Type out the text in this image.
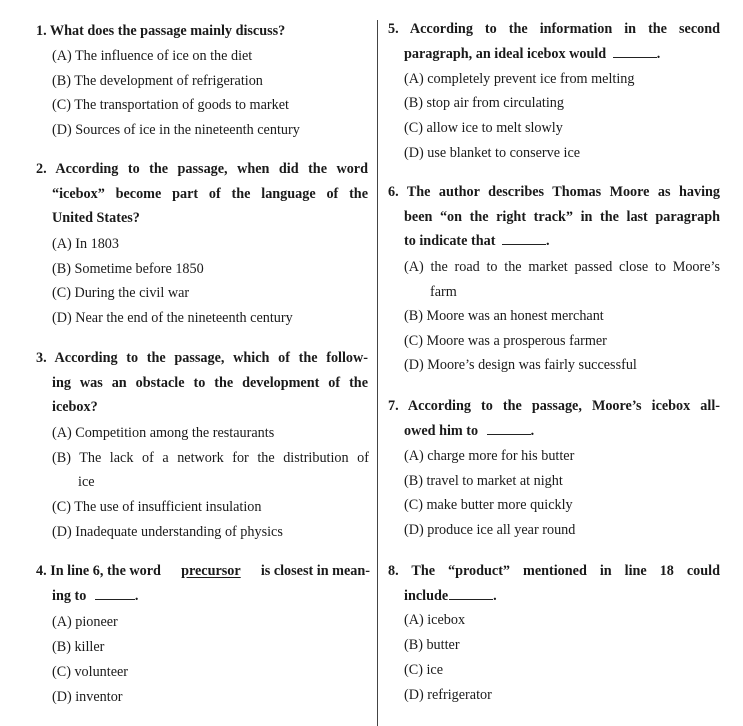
1. What does the passage mainly discuss?
(A) The influence of ice on the diet
(B) The development of refrigeration
(C) The transportation of goods to market
(D) Sources of ice in the nineteenth century
2. According to the passage, when did the word
“icebox” become part of the language of the
United States?
(A) In 1803
(B) Sometime before 1850
(C) During the civil war
(D) Near the end of the nineteenth century
3. According to the passage, which of the follow-
ing was an obstacle to the development of the
icebox?
(A) Competition among the restaurants
(B) The lack of a network for the distribution of
ice
(C) The use of insufficient insulation
(D) Inadequate understanding of physics
4. In line 6, the word precursor is closest in mean-
ing to	.
(A) pioneer
(B) killer
(C) volunteer
(D) inventor
5. According to the information in the second
paragraph, an ideal icebox would	.
(A) completely prevent ice from melting
(B) stop air from circulating
(C) allow ice to melt slowly
(D) use blanket to conserve ice
6. The author describes Thomas Moore as having
been “on the right track” in the last paragraph
to indicate that	.
(A) the road to the market passed close to Moore’s
farm
(B) Moore was an honest merchant
(C) Moore was a prosperous farmer
(D) Moore’s design was fairly successful
7. According to the passage, Moore’s icebox all-
owed him to	.
(A) charge more for his butter
(B) travel to market at night
(C) make butter more quickly
(D) produce ice all year round
8. The “product” mentioned in line 18 could
include	.
(A) icebox
(B) butter
(C) ice
(D) refrigerator
